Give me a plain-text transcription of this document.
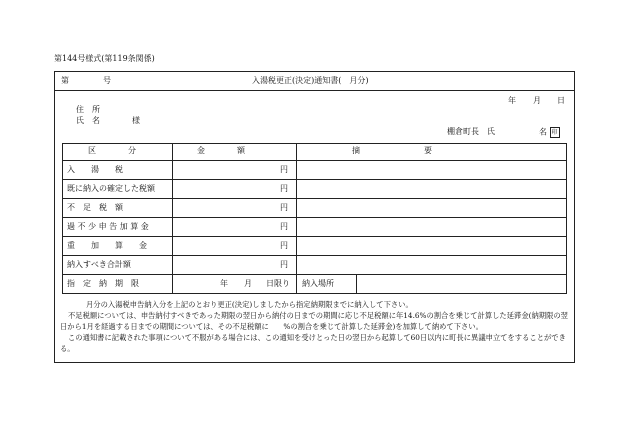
第144号様式(第119条関係)
第	号	入湯税更正(決定)通知書(　月分)
年 月 日
住　所
氏　名	様
棚倉町長　氏	名 印
区　　　　分	金　　　　額	摘　　　　　　　　要
入　　湯　　税	円
既に納入の確定した税額	円
不　足　税　額	円
過 不 少 申 告 加 算 金	円
重　　加　　算　　金	円
納入すべき合計額	円
指　定　納　期　限	年 月 日限り 納入場所

月分の入湯税申告納入分を上記のとおり更正(決定)しましたから指定納期限までに納入して下さい。

不足税額については、申告納付すべきであった期限の翌日から納付の日までの期間に応じ不足税額に年14.6%の割合を乗じて計算した延滞金(納期限の翌日から1月を経過する日までの期間については、その不足税額に　　%の割合を乗じて計算した延滞金)を加算して納めて下さい。

この通知書に記載された事項について不服がある場合には、この通知を受けとった日の翌日から起算して60日以内に町長に異議申立てをすることができる。
